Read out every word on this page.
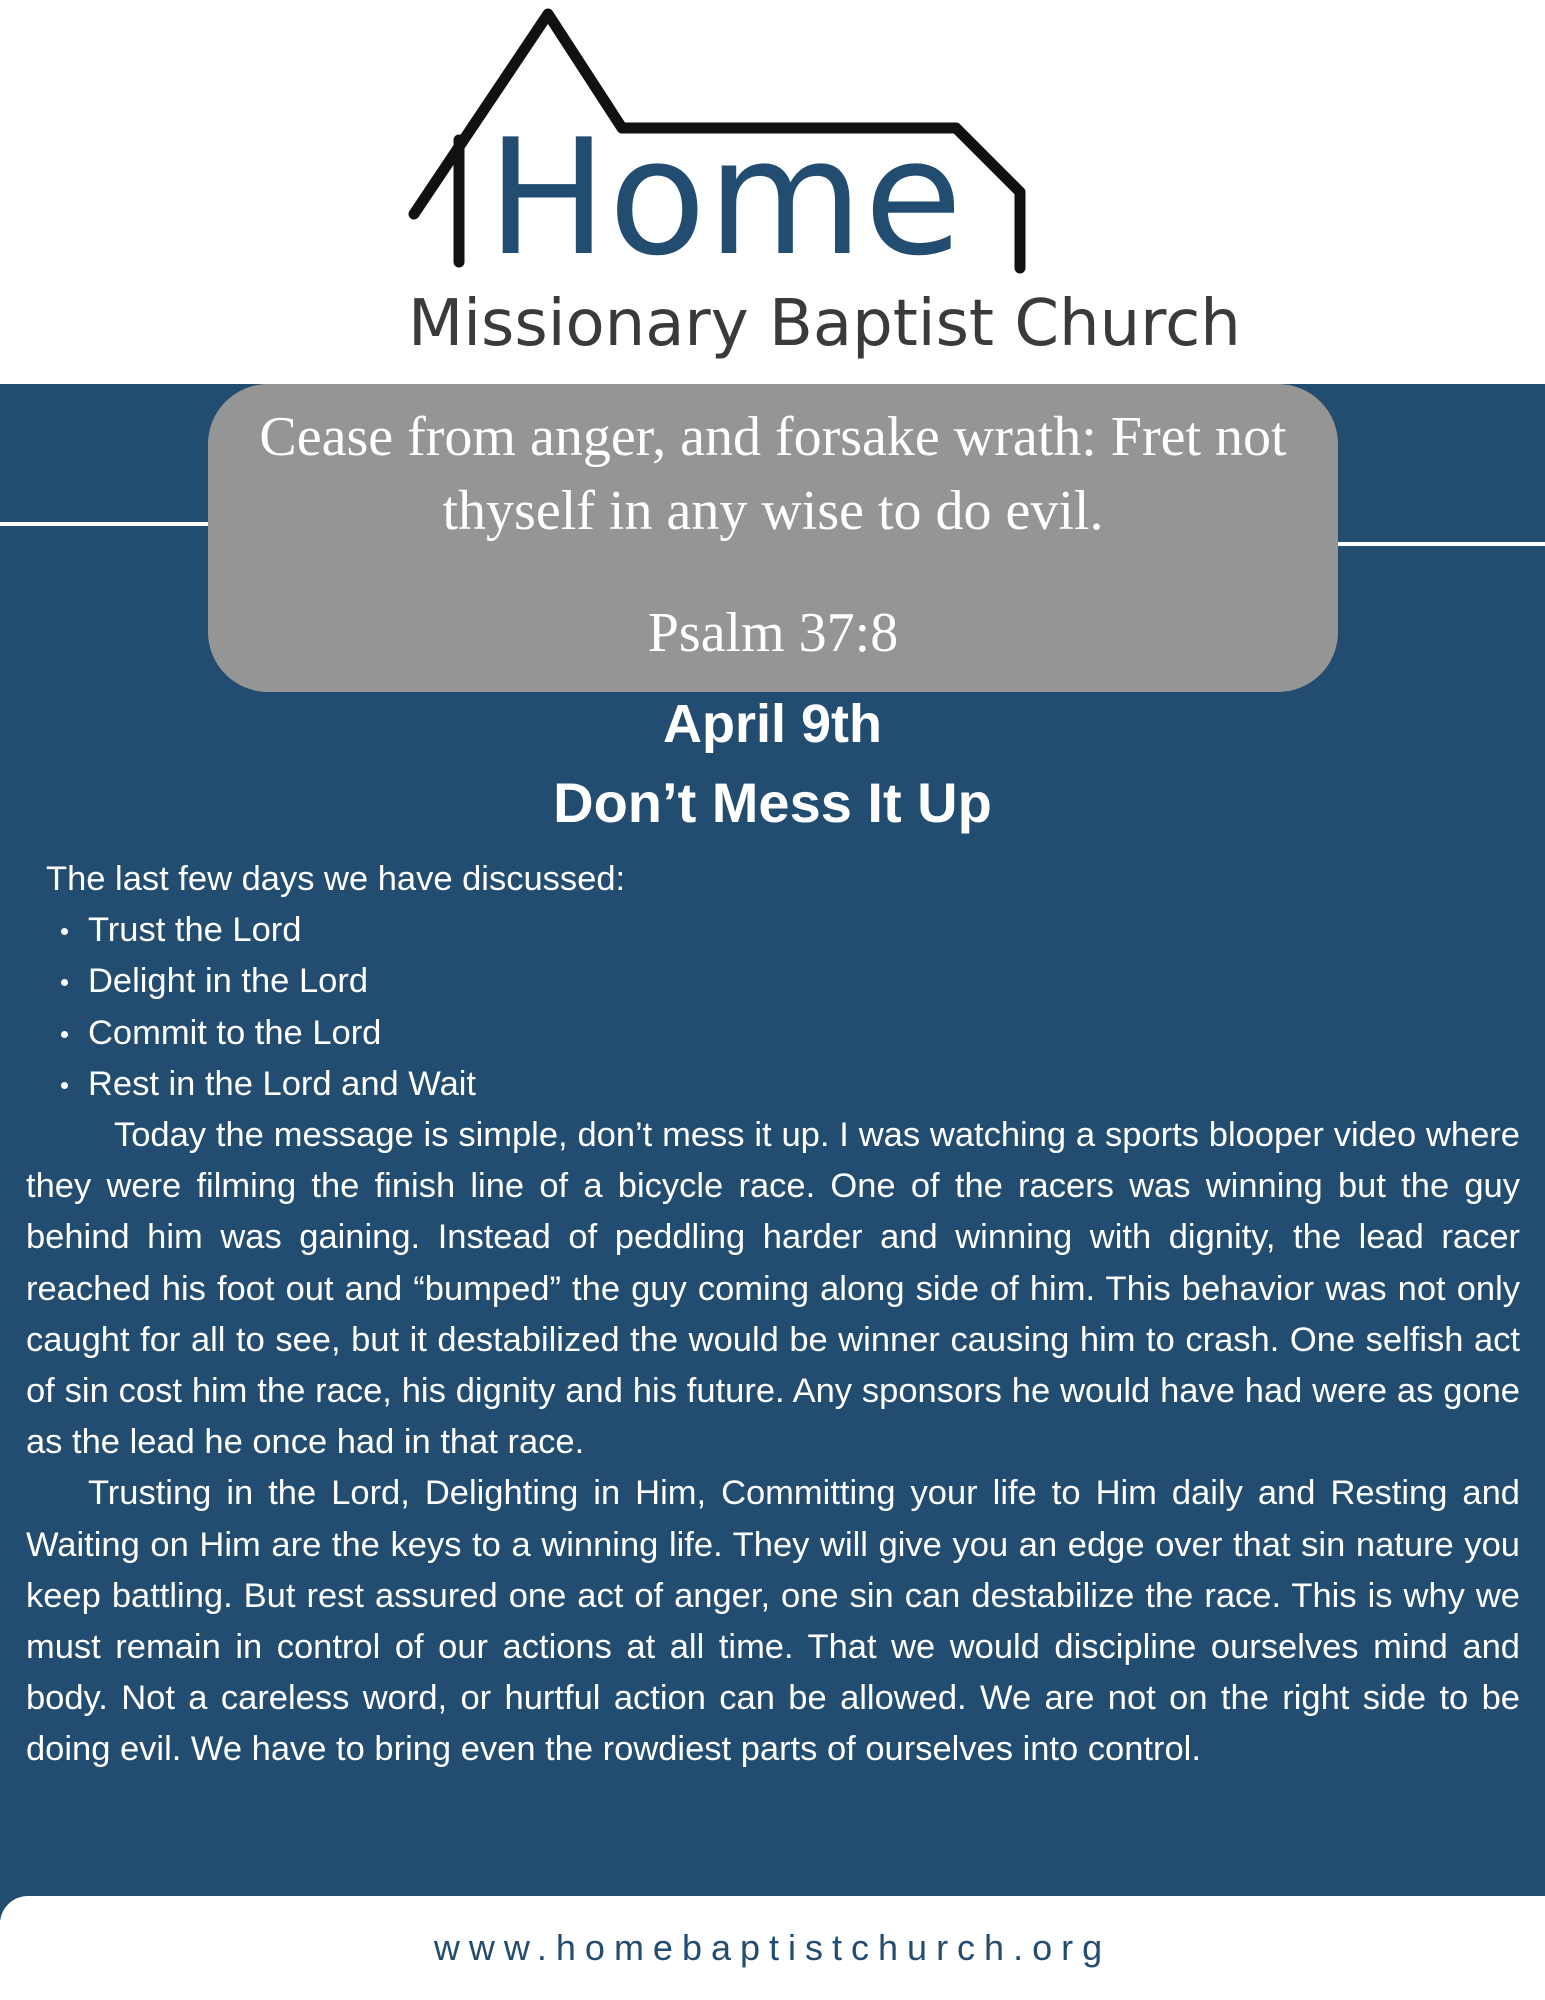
Home
Missionary Baptist Church
Cease from anger, and forsake wrath: Fret not thyself in any wise to do evil.
Psalm 37:8
April 9th
Don’t Mess It Up
The last few days we have discussed:
Trust the Lord
Delight in the Lord
Commit to the Lord
Rest in the Lord and Wait

Today the message is simple, don’t mess it up. I was watching a sports blooper video where they were filming the finish line of a bicycle race. One of the racers was winning but the guy behind him was gaining. Instead of peddling harder and winning with dignity, the lead racer reached his foot out and “bumped” the guy coming along side of him. This behavior was not only caught for all to see, but it destabilized the would be winner causing him to crash. One selfish act of sin cost him the race, his dignity and his future. Any sponsors he would have had were as gone as the lead he once had in that race.

Trusting in the Lord, Delighting in Him, Committing your life to Him daily and Resting and Waiting on Him are the keys to a winning life. They will give you an edge over that sin nature you keep battling. But rest assured one act of anger, one sin can destabilize the race. This is why we must remain in control of our actions at all time. That we would discipline ourselves mind and body. Not a careless word, or hurtful action can be allowed. We are not on the right side to be doing evil. We have to bring even the rowdiest parts of ourselves into control.

www.homebaptistchurch.org
